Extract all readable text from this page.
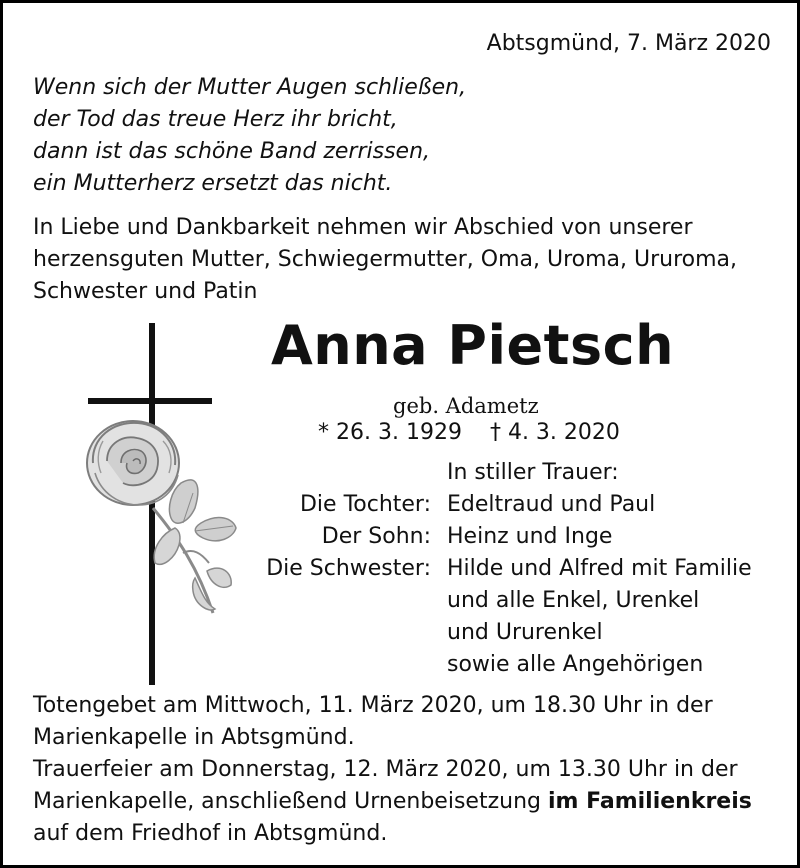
Abtsgmünd, 7. März 2020
Wenn sich der Mutter Augen schließen,
der Tod das treue Herz ihr bricht,
dann ist das schöne Band zerrissen,
ein Mutterherz ersetzt das nicht.
In Liebe und Dankbarkeit nehmen wir Abschied von unserer
herzensguten Mutter, Schwiegermutter, Oma, Uroma, Ururoma,
Schwester und Patin
Anna Pietsch
geb. Adametz
* 26. 3. 1929 † 4. 3. 2020
Die Tochter:
Der Sohn:
Die Schwester:
In stiller Trauer:
Edeltraud und Paul
Heinz und Inge
Hilde und Alfred mit Familie
und alle Enkel, Urenkel
und Ururenkel
sowie alle Angehörigen
Totengebet am Mittwoch, 11. März 2020, um 18.30 Uhr in der
Marienkapelle in Abtsgmünd.
Trauerfeier am Donnerstag, 12. März 2020, um 13.30 Uhr in der
Marienkapelle, anschließend Urnenbeisetzung im Familienkreis
auf dem Friedhof in Abtsgmünd.
